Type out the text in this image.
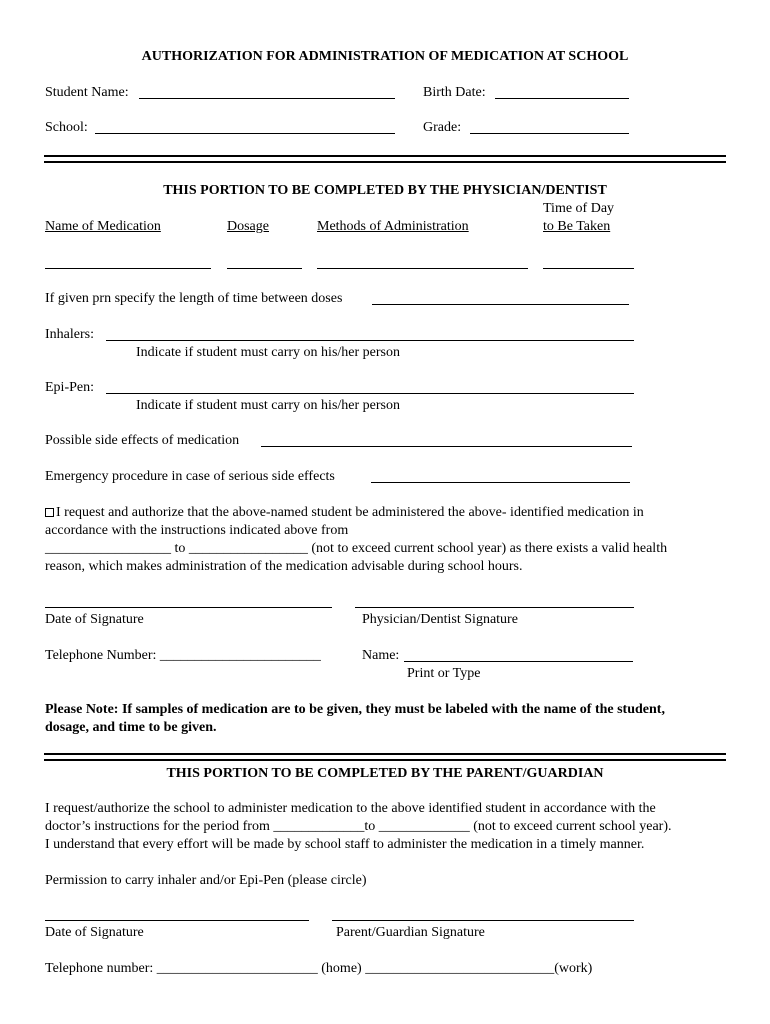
AUTHORIZATION FOR ADMINISTRATION OF MEDICATION AT SCHOOL
Student Name:	Birth Date:
School:	Grade:
THIS PORTION TO BE COMPLETED BY THE PHYSICIAN/DENTIST
Time of Day
Name of Medication	Dosage	Methods of Administration	to Be Taken
If given prn specify the length of time between doses
Inhalers:
Indicate if student must carry on his/her person
Epi-Pen:
Indicate if student must carry on his/her person
Possible side effects of medication
Emergency procedure in case of serious side effects
I request and authorize that the above-named student be administered the above- identified medication in
accordance with the instructions indicated above from
__________________ to _________________ (not to exceed current school year) as there exists a valid health
reason, which makes administration of the medication advisable during school hours.
Date of Signature	Physician/Dentist Signature
Telephone Number: _______________________	Name:
Print or Type
Please Note: If samples of medication are to be given, they must be labeled with the name of the student,
dosage, and time to be given.
THIS PORTION TO BE COMPLETED BY THE PARENT/GUARDIAN
I request/authorize the school to administer medication to the above identified student in accordance with the
doctor’s instructions for the period from _____________to _____________ (not to exceed current school year).
I understand that every effort will be made by school staff to administer the medication in a timely manner.
Permission to carry inhaler and/or Epi-Pen (please circle)
Date of Signature	Parent/Guardian Signature
Telephone number: _______________________ (home) ___________________________(work)
